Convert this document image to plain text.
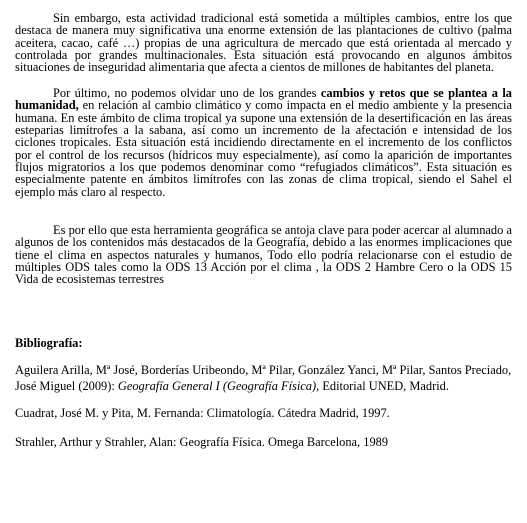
Sin embargo, esta actividad tradicional está sometida a múltiples cambios, entre los que destaca de manera muy significativa una enorme extensión de las plantaciones de cultivo (palma aceitera, cacao, café …) propias de una agricultura de mercado que está orientada al mercado y controlada por grandes multinacionales. Esta situación está provocando en algunos ámbitos situaciones de inseguridad alimentaria que afecta a cientos de millones de habitantes del planeta.

Por último, no podemos olvidar uno de los grandes cambios y retos que se plantea a la humanidad, en relación al cambio climático y como impacta en el medio ambiente y la presencia humana. En este ámbito de clima tropical ya supone una extensión de la desertificación en las áreas esteparias limítrofes a la sabana, así como un incremento de la afectación e intensidad de los ciclones tropicales. Esta situación está incidiendo directamente en el incremento de los conflictos por el control de los recursos (hídricos muy especialmente), así como la aparición de importantes flujos migratorios a los que podemos denominar como “refugiados climáticos”. Esta situación es especialmente patente en ámbitos limítrofes con las zonas de clima tropical, siendo el Sahel el ejemplo más claro al respecto.

Es por ello que esta herramienta geográfica se antoja clave para poder acercar al alumnado a algunos de los contenidos más destacados de la Geografía, debido a las enormes implicaciones que tiene el clima en aspectos naturales y humanos, Todo ello podría relacionarse con el estudio de múltiples ODS tales como la ODS 13 Acción por el clima , la ODS 2 Hambre Cero o la ODS 15 Vida de ecosistemas terrestres

Bibliografía:

Aguilera Arilla, Mª José, Borderías Uribeondo, Mª Pilar, González Yanci, Mª Pilar, Santos Preciado, José Miguel (2009): Geografía General I (Geografía Física), Editorial UNED, Madrid.

Cuadrat, José M. y Pita, M. Fernanda: Climatología. Cátedra Madrid, 1997.

Strahler, Arthur y Strahler, Alan: Geografía Física. Omega Barcelona, 1989
